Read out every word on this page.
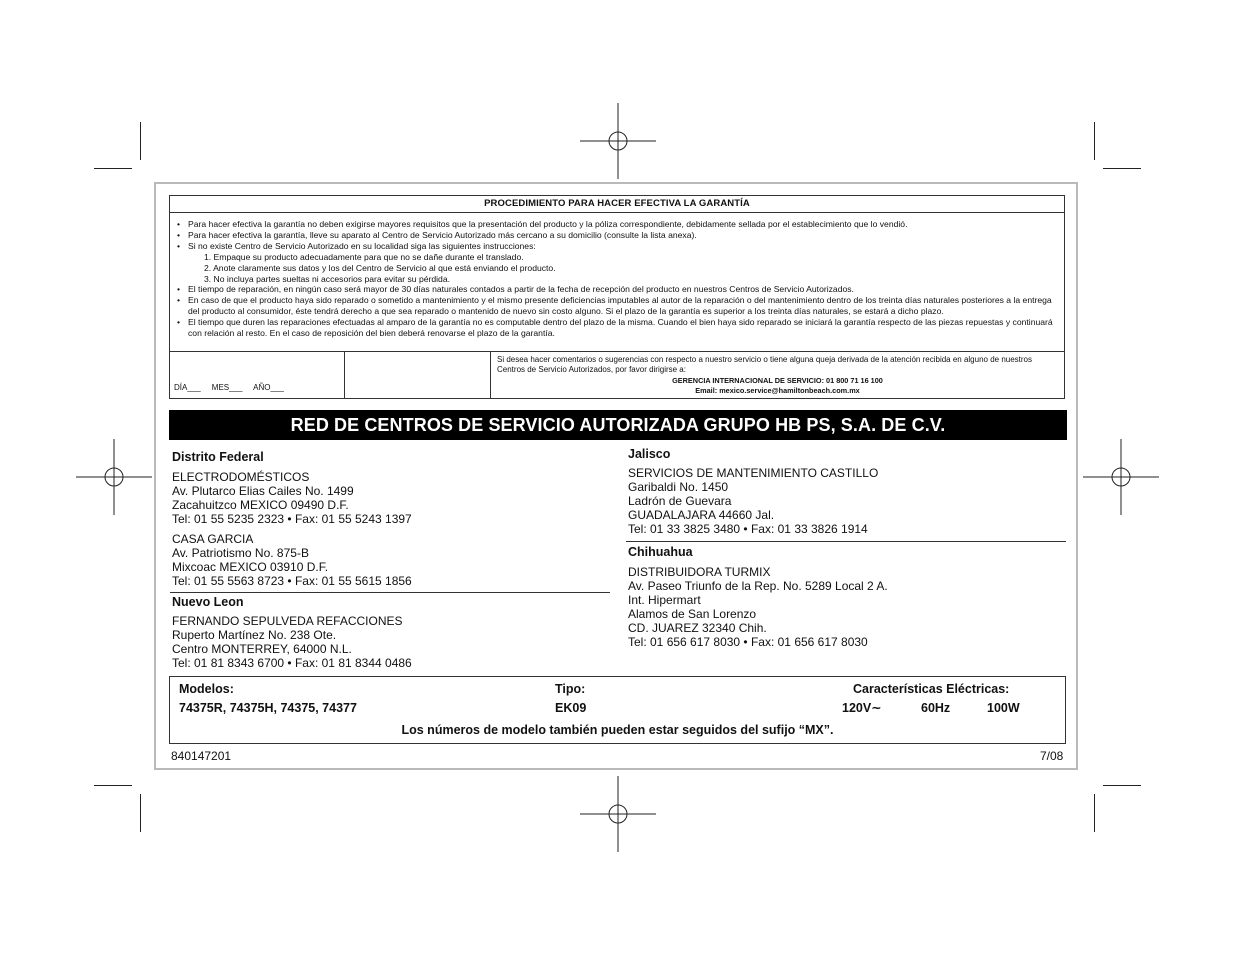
PROCEDIMIENTO PARA HACER EFECTIVA LA GARANTÍA
• Para hacer efectiva la garantía no deben exigirse mayores requisitos que la presentación del producto y la póliza correspondiente, debidamente sellada por el establecimiento que lo vendió.
• Para hacer efectiva la garantía, lleve su aparato al Centro de Servicio Autorizado más cercano a su domicilio (consulte la lista anexa).
• Si no existe Centro de Servicio Autorizado en su localidad siga las siguientes instrucciones:
1. Empaque su producto adecuadamente para que no se dañe durante el translado.
2. Anote claramente sus datos y los del Centro de Servicio al que está enviando el producto.
3. No incluya partes sueltas ni accesorios para evitar su pérdida.
• El tiempo de reparación, en ningún caso será mayor de 30 días naturales contados a partir de la fecha de recepción del producto en nuestros Centros de Servicio Autorizados.
• En caso de que el producto haya sido reparado o sometido a mantenimiento y el mismo presente deficiencias imputables al autor de la reparación o del mantenimiento dentro de los treinta días naturales posteriores a la entrega del producto al consumidor, éste tendrá derecho a que sea reparado o mantenido de nuevo sin costo alguno. Si el plazo de la garantía es superior a los treinta días naturales, se estará a dicho plazo.
• El tiempo que duren las reparaciones efectuadas al amparo de la garantía no es computable dentro del plazo de la misma. Cuando el bien haya sido reparado se iniciará la garantía respecto de las piezas repuestas y continuará con relación al resto. En el caso de reposición del bien deberá renovarse el plazo de la garantía.
DÍA___     MES___     AÑO___
Si desea hacer comentarios o sugerencias con respecto a nuestro servicio o tiene alguna queja derivada de la atención recibida en alguno de nuestros Centros de Servicio Autorizados, por favor dirigirse a:
GERENCIA INTERNACIONAL DE SERVICIO: 01 800 71 16 100
Email: mexico.service@hamiltonbeach.com.mx
RED DE CENTROS DE SERVICIO AUTORIZADA GRUPO HB PS, S.A. DE C.V.
Distrito Federal
ELECTRODOMÉSTICOS
Av. Plutarco Elias Cailes No. 1499
Zacahuitzco MEXICO 09490 D.F.
Tel: 01 55 5235 2323 • Fax: 01 55 5243 1397
CASA GARCIA
Av. Patriotismo No. 875-B
Mixcoac MEXICO 03910 D.F.
Tel: 01 55 5563 8723 • Fax: 01 55 5615 1856
Nuevo Leon
FERNANDO SEPULVEDA REFACCIONES
Ruperto Martínez No. 238 Ote.
Centro MONTERREY, 64000 N.L.
Tel: 01 81 8343 6700 • Fax: 01 81 8344 0486
Jalisco
SERVICIOS DE MANTENIMIENTO CASTILLO
Garibaldi No. 1450
Ladrón de Guevara
GUADALAJARA 44660 Jal.
Tel: 01 33 3825 3480 • Fax: 01 33 3826 1914
Chihuahua
DISTRIBUIDORA TURMIX
Av. Paseo Triunfo de la Rep. No. 5289 Local 2 A.
Int. Hipermart
Alamos de San Lorenzo
CD. JUAREZ 32340 Chih.
Tel: 01 656 617 8030 • Fax: 01 656 617 8030
Modelos:
74375R, 74375H, 74375, 74377
Tipo:
EK09
Características Eléctricas:
120V∼	60Hz	100W
Los números de modelo también pueden estar seguidos del sufijo “MX”.
840147201	7/08
